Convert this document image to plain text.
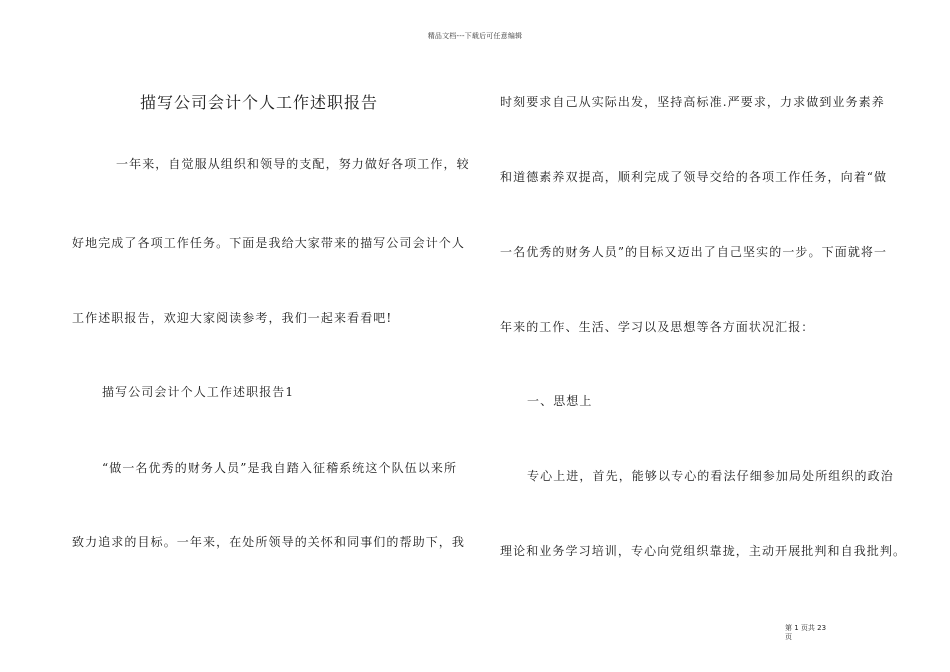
精品文档---下载后可任意编辑
描写公司会计个人工作述职报告
一年来，自觉服从组织和领导的支配，努力做好各项工作，较
好地完成了各项工作任务。下面是我给大家带来的描写公司会计个人
工作述职报告，欢迎大家阅读参考，我们一起来看看吧!
描写公司会计个人工作述职报告1
“做一名优秀的财务人员”是我自踏入征稽系统这个队伍以来所
致力追求的目标。一年来，在处所领导的关怀和同事们的帮助下，我
时刻要求自己从实际出发，坚持高标准.严要求，力求做到业务素养
和道德素养双提高，顺利完成了领导交给的各项工作任务，向着“做
一名优秀的财务人员”的目标又迈出了自己坚实的一步。下面就将一
年来的工作、生活、学习以及思想等各方面状况汇报：
一、思想上
专心上进，首先，能够以专心的看法仔细参加局处所组织的政治
理论和业务学习培训，专心向党组织靠拢，主动开展批判和自我批判。
第 1 页共 23
页
